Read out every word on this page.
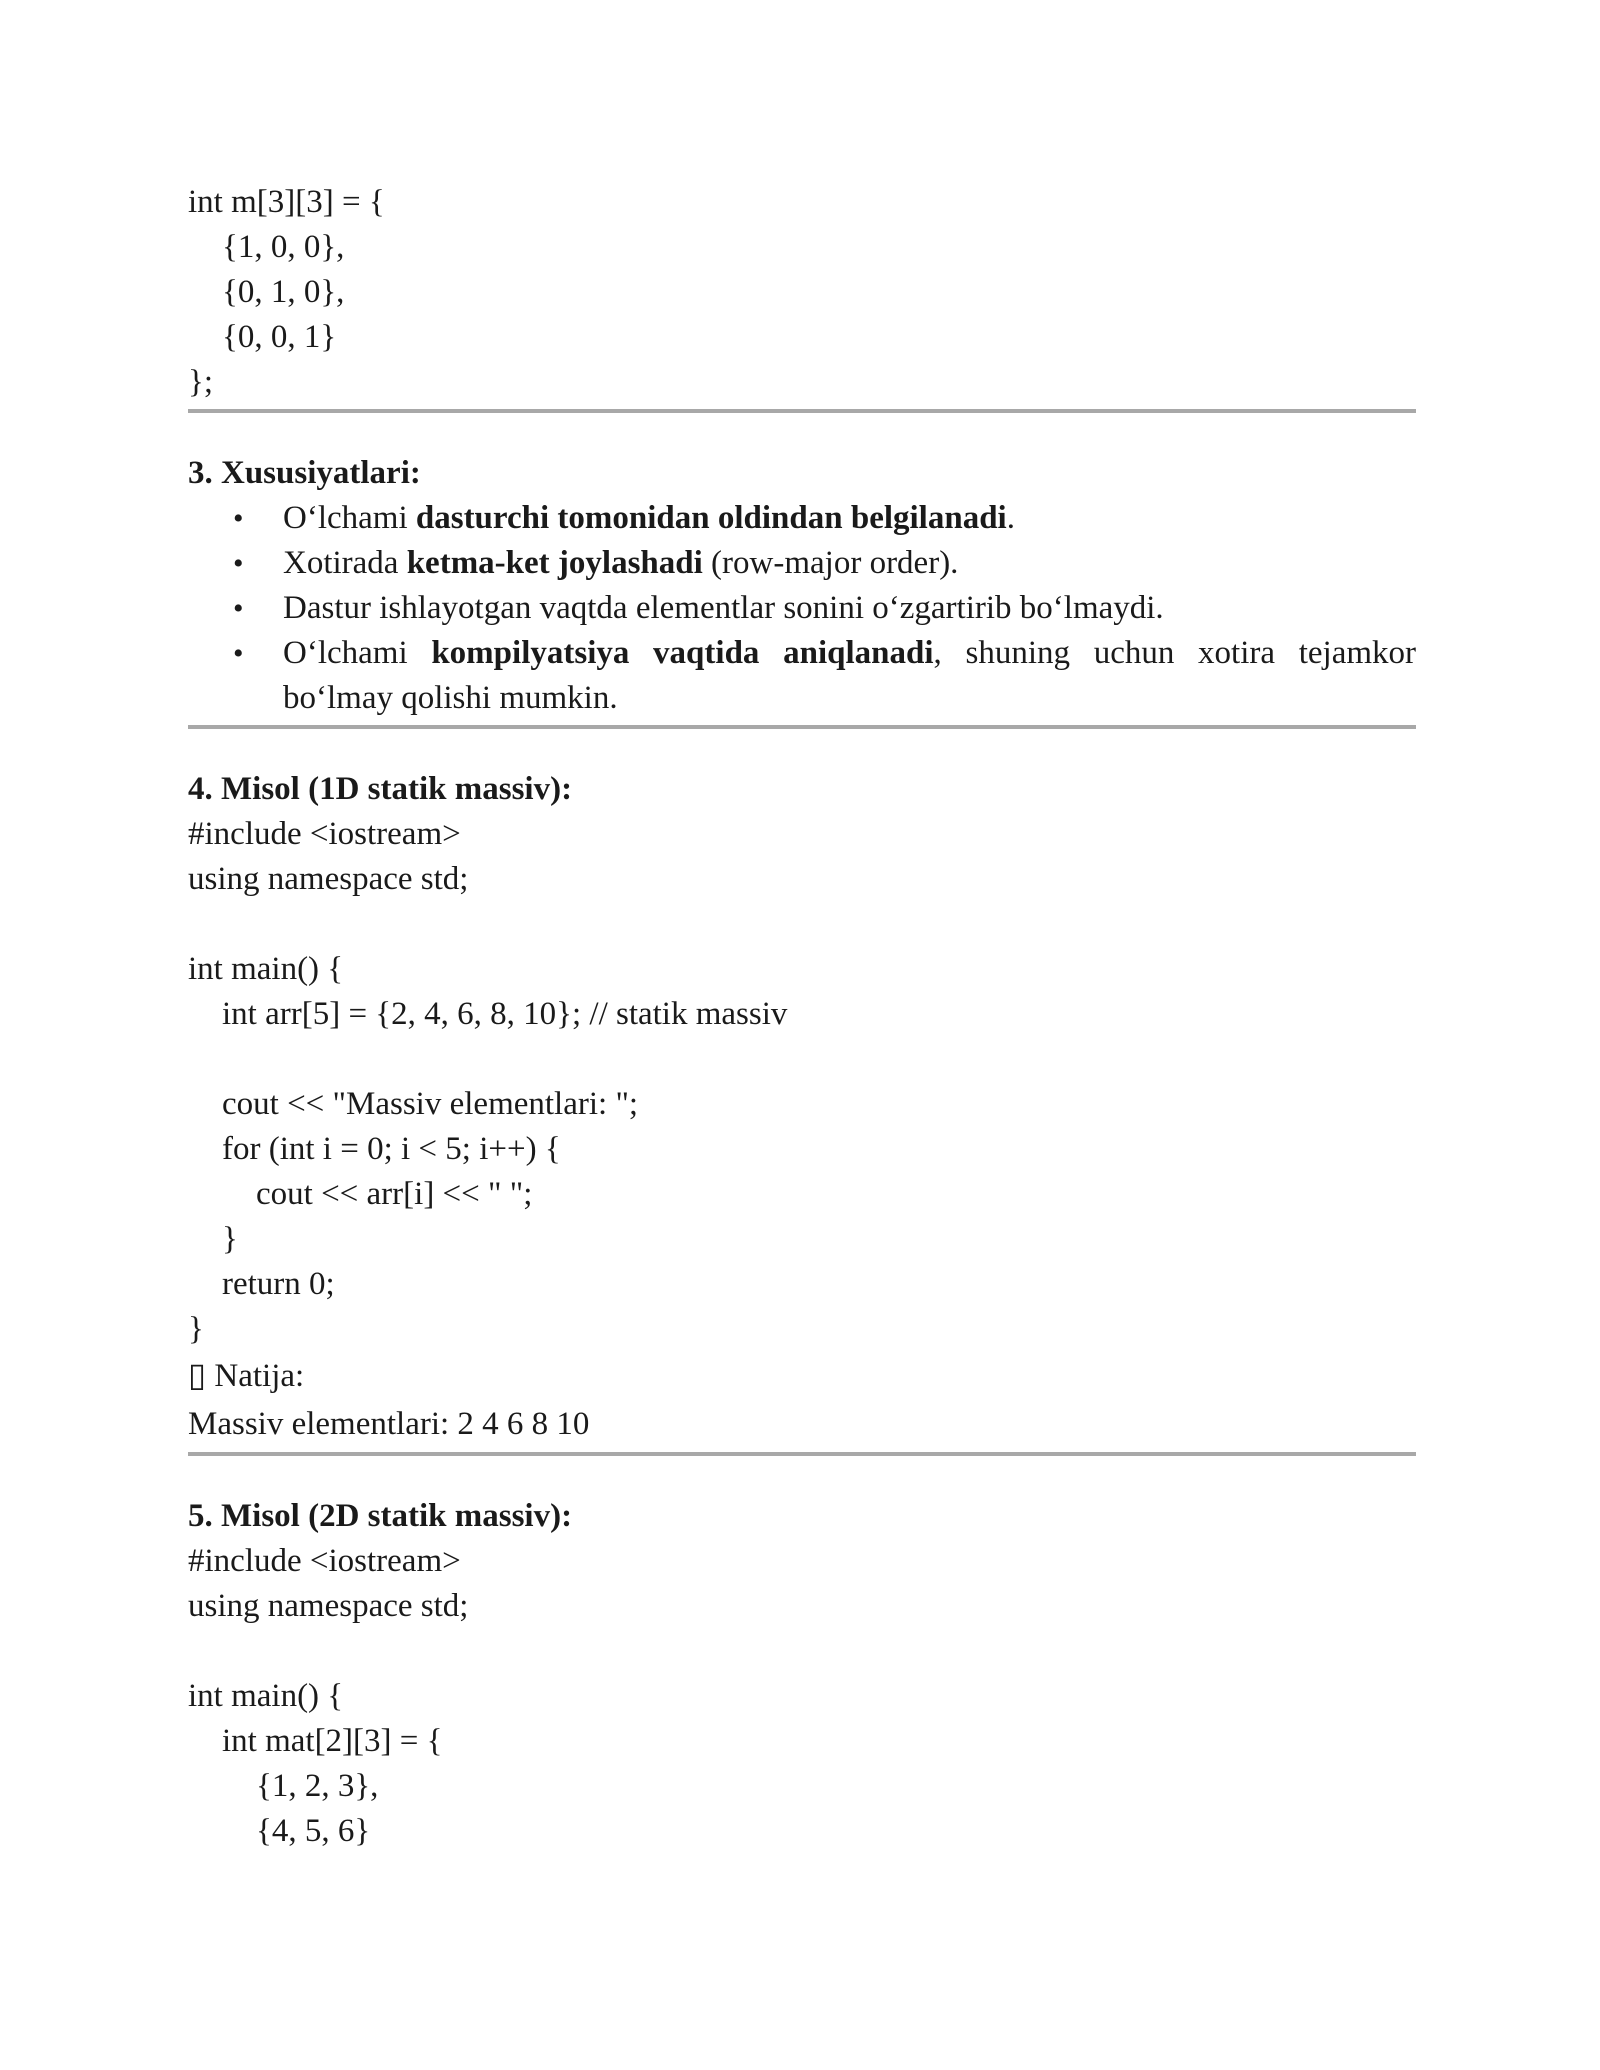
int m[3][3] = {
{1, 0, 0},
{0, 1, 0},
{0, 0, 1}
};
3. Xususiyatlari:
• O‘lchami dasturchi tomonidan oldindan belgilanadi.
• Xotirada ketma-ket joylashadi (row-major order).
• Dastur ishlayotgan vaqtda elementlar sonini o‘zgartirib bo‘lmaydi.
• O‘lchami kompilyatsiya vaqtida aniqlanadi, shuning uchun xotira tejamkor bo‘lmay qolishi mumkin.
4. Misol (1D statik massiv):
#include <iostream>
using namespace std;
int main() {
int arr[5] = {2, 4, 6, 8, 10}; // statik massiv
cout << "Massiv elementlari: ";
for (int i = 0; i < 5; i++) {
cout << arr[i] << " ";
}
return 0;
}
▯ Natija:
Massiv elementlari: 2 4 6 8 10
5. Misol (2D statik massiv):
#include <iostream>
using namespace std;
int main() {
int mat[2][3] = {
{1, 2, 3},
{4, 5, 6}
